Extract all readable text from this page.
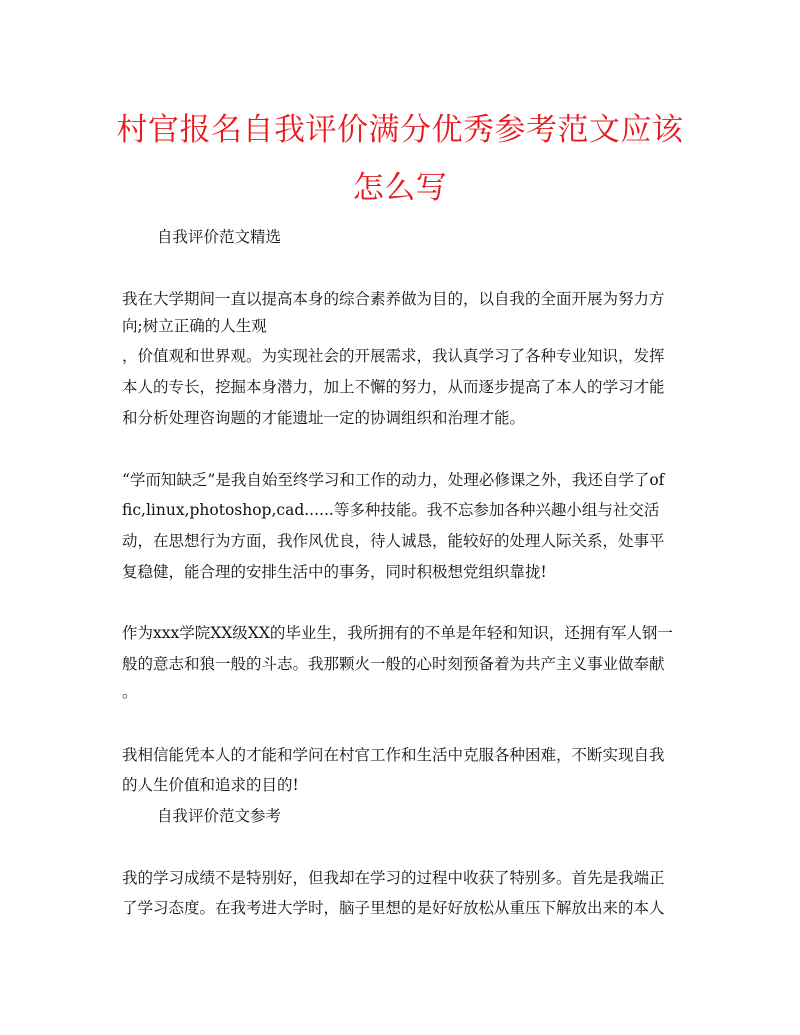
村官报名自我评价满分优秀参考范文应该
怎么写

自我评价范文精选

我在大学期间一直以提高本身的综合素养做为目的，以自我的全面开展为努力方

向;树立正确的人生观

，价值观和世界观。为实现社会的开展需求，我认真学习了各种专业知识，发挥

本人的专长，挖掘本身潜力，加上不懈的努力，从而逐步提高了本人的学习才能

和分析处理咨询题的才能遗址一定的协调组织和治理才能。

“学而知缺乏”是我自始至终学习和工作的动力，处理必修课之外，我还自学了of

fic,linux,photoshop,cad......等多种技能。我不忘参加各种兴趣小组与社交活

动，在思想行为方面，我作风优良，待人诚恳，能较好的处理人际关系，处事平

复稳健，能合理的安排生活中的事务，同时积极想党组织靠拢!

作为xxx学院XX级XX的毕业生，我所拥有的不单是年轻和知识，还拥有军人钢一

般的意志和狼一般的斗志。我那颗火一般的心时刻预备着为共产主义事业做奉献

。

我相信能凭本人的才能和学问在村官工作和生活中克服各种困难，不断实现自我

的人生价值和追求的目的!

自我评价范文参考

我的学习成绩不是特别好，但我却在学习的过程中收获了特别多。首先是我端正

了学习态度。在我考进大学时，脑子里想的是好好放松从重压下解放出来的本人
